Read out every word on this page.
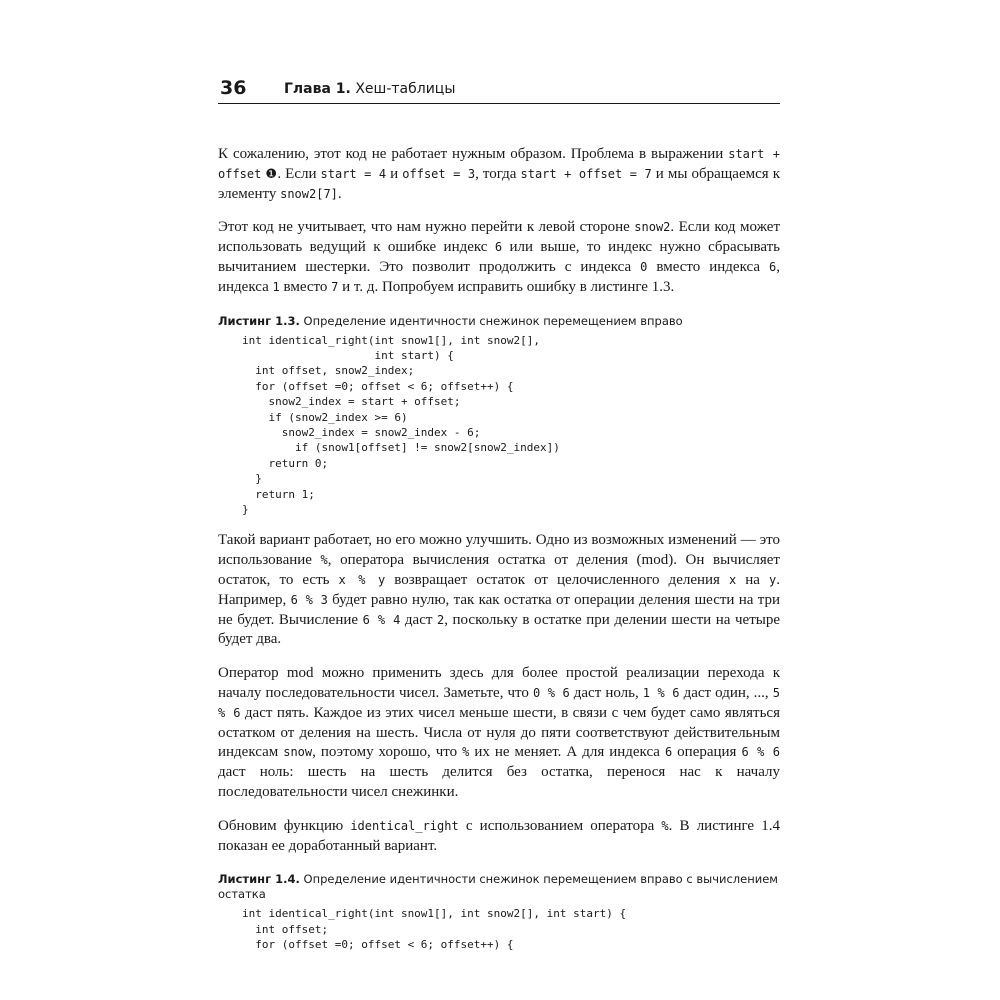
36	Глава 1. Хеш-таблицы

К сожалению, этот код не работает нужным образом. Проблема в выражении start + offset ❶. Если start = 4 и offset = 3, тогда start + offset = 7 и мы обращаемся к элементу snow2[7].

Этот код не учитывает, что нам нужно перейти к левой стороне snow2. Если код может использовать ведущий к ошибке индекс 6 или выше, то индекс нужно сбрасывать вычитанием шестерки. Это позволит продолжить с индекса 0 вместо индекса 6, индекса 1 вместо 7 и т. д. Попробуем исправить ошибку в листинге 1.3.

Листинг 1.3. Определение идентичности снежинок перемещением вправо
int identical_right(int snow1[], int snow2[],
int start) {
int offset, snow2_index;
for (offset =0; offset < 6; offset++) {
snow2_index = start + offset;
if (snow2_index >= 6)
snow2_index = snow2_index - 6;
if (snow1[offset] != snow2[snow2_index])
return 0;
}
return 1;
}

Такой вариант работает, но его можно улучшить. Одно из возможных изменений — это использование %, оператора вычисления остатка от деления (mod). Он вычисляет остаток, то есть x % y возвращает остаток от целочисленного деления x на y. Например, 6 % 3 будет равно нулю, так как остатка от операции деления шести на три не будет. Вычисление 6 % 4 даст 2, поскольку в остатке при делении шести на четыре будет два.

Оператор mod можно применить здесь для более простой реализации перехода к началу последовательности чисел. Заметьте, что 0 % 6 даст ноль, 1 % 6 даст один, ..., 5 % 6 даст пять. Каждое из этих чисел меньше шести, в связи с чем будет само являться остатком от деления на шесть. Числа от нуля до пяти соответствуют действительным индексам snow, поэтому хорошо, что % их не меняет. А для индекса 6 операция 6 % 6 даст ноль: шесть на шесть делится без остатка, перенося нас к началу последовательности чисел снежинки.

Обновим функцию identical_right с использованием оператора %. В листинге 1.4 показан ее доработанный вариант.

Листинг 1.4. Определение идентичности снежинок перемещением вправо с вычислением остатка
int identical_right(int snow1[], int snow2[], int start) {
int offset;
for (offset =0; offset < 6; offset++) {
